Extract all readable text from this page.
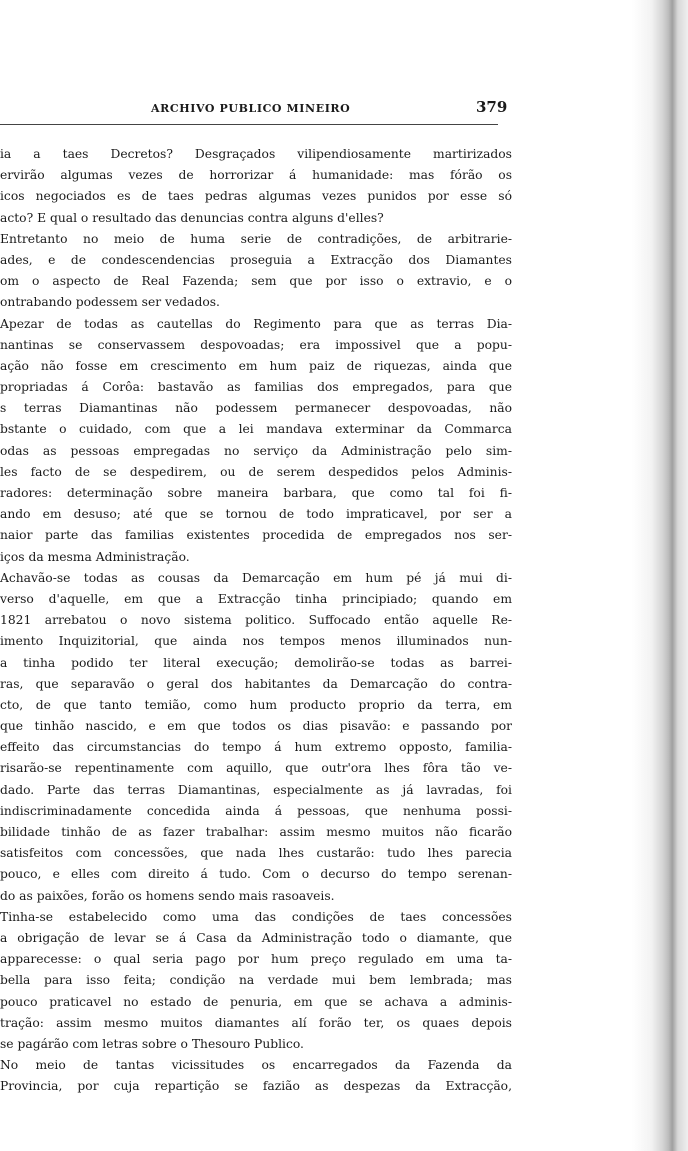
ARCHIVO PUBLICO MINEIRO	379
ia a taes Decretos? Desgraçados vilipendiosamente martirizados
ervirão algumas vezes de horrorizar á humanidade: mas fórão os
icos negociados es de taes pedras algumas vezes punidos por esse só
acto? E qual o resultado das denuncias contra alguns d'elles?
Entretanto no meio de huma serie de contradições, de arbitrarie-
ades, e de condescendencias proseguia a Extracção dos Diamantes
om o aspecto de Real Fazenda; sem que por isso o extravio, e o
ontrabando podessem ser vedados.
Apezar de todas as cautellas do Regimento para que as terras Dia-
nantinas se conservassem despovoadas; era impossivel que a popu-
ação não fosse em crescimento em hum paiz de riquezas, ainda que
propriadas á Corôa: bastavão as familias dos empregados, para que
s terras Diamantinas não podessem permanecer despovoadas, não
bstante o cuidado, com que a lei mandava exterminar da Commarca
odas as pessoas empregadas no serviço da Administração pelo sim-
les facto de se despedirem, ou de serem despedidos pelos Adminis-
radores: determinação sobre maneira barbara, que como tal foi fi-
ando em desuso; até que se tornou de todo impraticavel, por ser a
naior parte das familias existentes procedida de empregados nos ser-
iços da mesma Administração.
Achavão-se todas as cousas da Demarcação em hum pé já mui di-
verso d'aquelle, em que a Extracção tinha principiado; quando em
1821 arrebatou o novo sistema politico. Suffocado então aquelle Re-
imento Inquizitorial, que ainda nos tempos menos illuminados nun-
a tinha podido ter literal execução; demolirão-se todas as barrei-
ras, que separavão o geral dos habitantes da Demarcação do contra-
cto, de que tanto temião, como hum producto proprio da terra, em
que tinhão nascido, e em que todos os dias pisavão: e passando por
effeito das circumstancias do tempo á hum extremo opposto, familia-
risarão-se repentinamente com aquillo, que outr'ora lhes fôra tão ve-
dado. Parte das terras Diamantinas, especialmente as já lavradas, foi
indiscriminadamente concedida ainda á pessoas, que nenhuma possi-
bilidade tinhão de as fazer trabalhar: assim mesmo muitos não ficarão
satisfeitos com concessões, que nada lhes custarão: tudo lhes parecia
pouco, e elles com direito á tudo. Com o decurso do tempo serenan-
do as paixões, forão os homens sendo mais rasoaveis.
Tinha-se estabelecido como uma das condições de taes concessões
a obrigação de levar se á Casa da Administração todo o diamante, que
apparecesse: o qual seria pago por hum preço regulado em uma ta-
bella para isso feita; condição na verdade mui bem lembrada; mas
pouco praticavel no estado de penuria, em que se achava a adminis-
tração: assim mesmo muitos diamantes alí forão ter, os quaes depois
se pagárão com letras sobre o Thesouro Publico.
No meio de tantas vicissitudes os encarregados da Fazenda da
Provincia, por cuja repartição se fazião as despezas da Extracção,
